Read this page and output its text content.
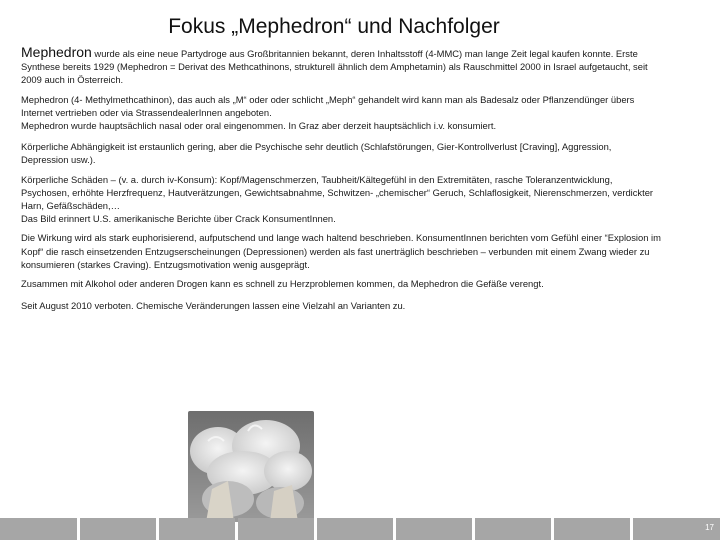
Fokus „Mephedron“ und Nachfolger

Mephedron wurde als eine neue Partydroge aus Großbritannien bekannt, deren Inhaltsstoff (4-MMC) man lange Zeit legal kaufen konnte. Erste Synthese bereits 1929 (Mephedron = Derivat des Methcathinons, strukturell ähnlich dem Amphetamin) als Rauschmittel 2000 in Israel aufgetaucht, seit 2009 auch in Österreich.

Mephedron (4- Methylmethcathinon), das auch als „M“ oder oder schlicht „Meph“ gehandelt wird kann man als Badesalz oder Pflanzendünger übers Internet vertrieben oder via StrassendealerInnen angeboten.
Mephedron wurde hauptsächlich nasal oder oral eingenommen. In Graz aber derzeit hauptsächlich i.v. konsumiert.

Körperliche Abhängigkeit ist erstaunlich gering, aber die Psychische sehr deutlich (Schlafstörungen, Gier-Kontrollverlust [Craving], Aggression, Depression usw.).

Körperliche Schäden – (v. a. durch iv-Konsum): Kopf/Magenschmerzen, Taubheit/Kältegefühl in den Extremitäten, rasche Toleranzentwicklung, Psychosen, erhöhte Herzfrequenz, Hautverätzungen, Gewichtsabnahme, Schwitzen- „chemischer“ Geruch, Schlaflosigkeit, Nierenschmerzen, verdickter Harn, Gefäßschäden,…
Das Bild erinnert U.S. amerikanische Berichte über Crack KonsumentInnen.

Die Wirkung wird als stark euphorisierend, aufputschend und lange wach haltend beschrieben. KonsumentInnen berichten vom Gefühl einer “Explosion im Kopf“ die rasch einsetzenden Entzugserscheinungen (Depressionen) werden als fast unerträglich beschrieben – verbunden mit einem Zwang wieder zu konsumieren (starkes Craving). Entzugsmotivation wenig ausgeprägt.

Zusammen mit Alkohol oder anderen Drogen kann es schnell zu Herzproblemen kommen, da Mephedron die Gefäße verengt.

Seit August 2010 verboten. Chemische Veränderungen lassen eine Vielzahl an Varianten zu.

17
